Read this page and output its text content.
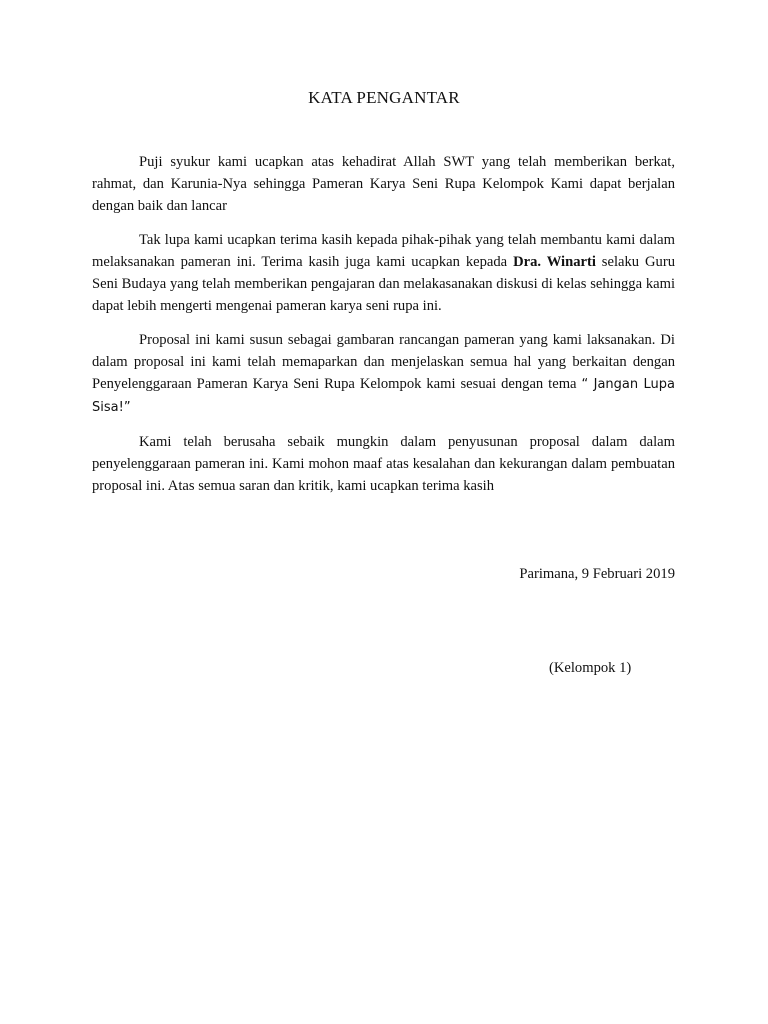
KATA PENGANTAR

Puji syukur kami ucapkan atas kehadirat Allah SWT yang telah memberikan berkat, rahmat, dan Karunia-Nya sehingga Pameran Karya Seni Rupa Kelompok Kami dapat berjalan dengan baik dan lancar

Tak lupa kami ucapkan terima kasih kepada pihak-pihak yang telah membantu kami dalam melaksanakan pameran ini. Terima kasih juga kami ucapkan kepada Dra. Winarti selaku Guru Seni Budaya yang telah memberikan pengajaran dan melakasanakan diskusi di kelas sehingga kami dapat lebih mengerti mengenai pameran karya seni rupa ini.

Proposal ini kami susun sebagai gambaran rancangan pameran yang kami laksanakan. Di dalam proposal ini kami telah memaparkan dan menjelaskan semua hal yang berkaitan dengan Penyelenggaraan Pameran Karya Seni Rupa Kelompok kami sesuai dengan tema “ Jangan Lupa Sisa!”

Kami telah berusaha sebaik mungkin dalam penyusunan proposal dalam dalam penyelenggaraan pameran ini. Kami mohon maaf atas kesalahan dan kekurangan dalam pembuatan proposal ini. Atas semua saran dan kritik, kami ucapkan terima kasih

Parimana, 9 Februari 2019
(Kelompok 1)
